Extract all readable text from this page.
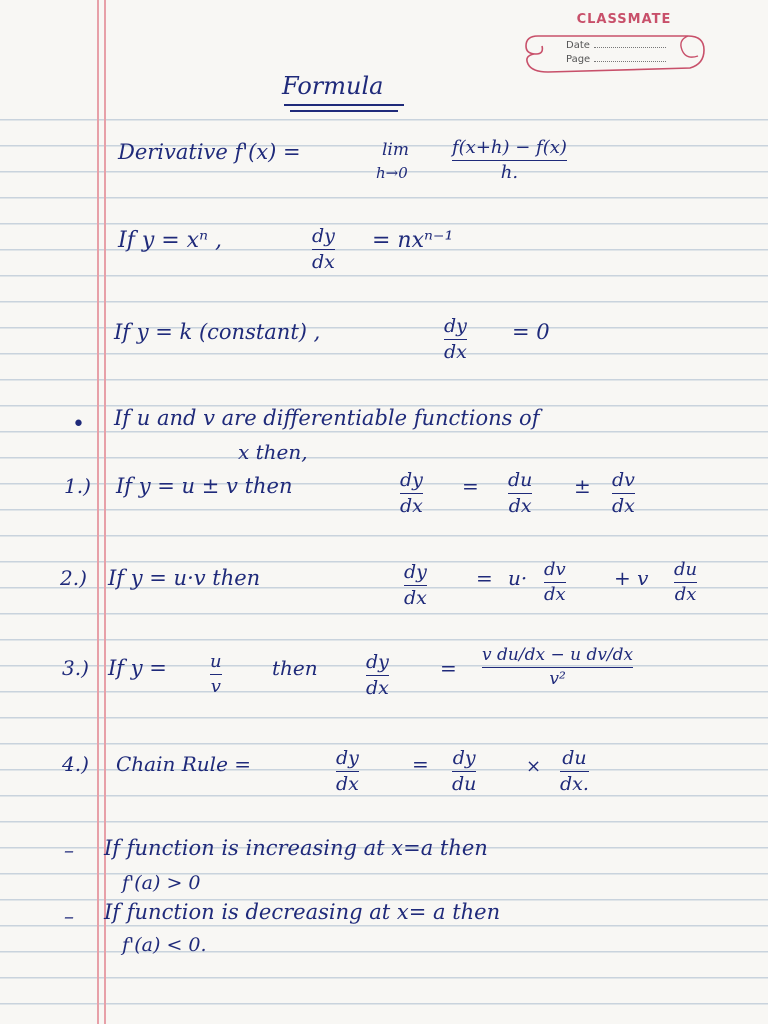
CLASSMATE
Date
Page
Formula
Derivative f'(x) =	lim
h→0
f(x+h) − f(x)
h.
If y = xⁿ ,	dy
dx
= nxⁿ⁻¹
If y = k (constant) ,	dy
dx
= 0
• If u and v are differentiable functions of
x then,
1.) If y = u ± v then	dy
dx
= du
dx
± dv
dx
2.) If y = u·v then	dy
dx
= u· dv
dx
+ v du
dx
3.) If y = u
v
then	dy
dx
=
v du/dx − u dv/dx
v²
4.) Chain Rule =	dy
dx
= dy
du
× du
dx.
– If function is increasing at x=a then
f'(a) > 0
– If function is decreasing at x= a then
f'(a) < 0.
